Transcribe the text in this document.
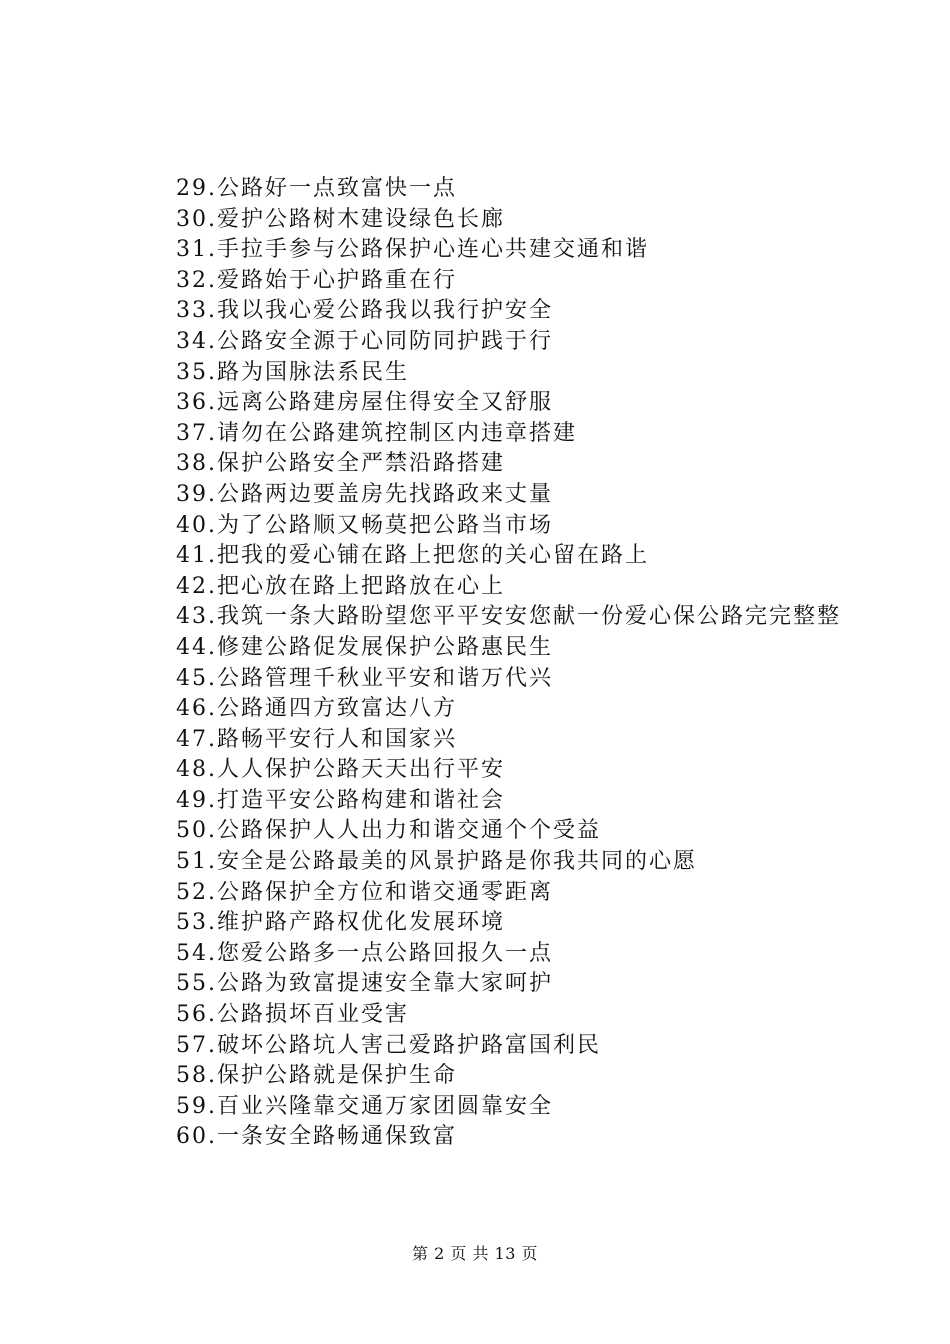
29.公路好一点致富快一点
30.爱护公路树木建设绿色长廊
31.手拉手参与公路保护心连心共建交通和谐
32.爱路始于心护路重在行
33.我以我心爱公路我以我行护安全
34.公路安全源于心同防同护践于行
35.路为国脉法系民生
36.远离公路建房屋住得安全又舒服
37.请勿在公路建筑控制区内违章搭建
38.保护公路安全严禁沿路搭建
39.公路两边要盖房先找路政来丈量
40.为了公路顺又畅莫把公路当市场
41.把我的爱心铺在路上把您的关心留在路上
42.把心放在路上把路放在心上
43.我筑一条大路盼望您平平安安您献一份爱心保公路完完整整
44.修建公路促发展保护公路惠民生
45.公路管理千秋业平安和谐万代兴
46.公路通四方致富达八方
47.路畅平安行人和国家兴
48.人人保护公路天天出行平安
49.打造平安公路构建和谐社会
50.公路保护人人出力和谐交通个个受益
51.安全是公路最美的风景护路是你我共同的心愿
52.公路保护全方位和谐交通零距离
53.维护路产路权优化发展环境
54.您爱公路多一点公路回报久一点
55.公路为致富提速安全靠大家呵护
56.公路损坏百业受害
57.破坏公路坑人害己爱路护路富国利民
58.保护公路就是保护生命
59.百业兴隆靠交通万家团圆靠安全
60.一条安全路畅通保致富
第 2 页 共 13 页
